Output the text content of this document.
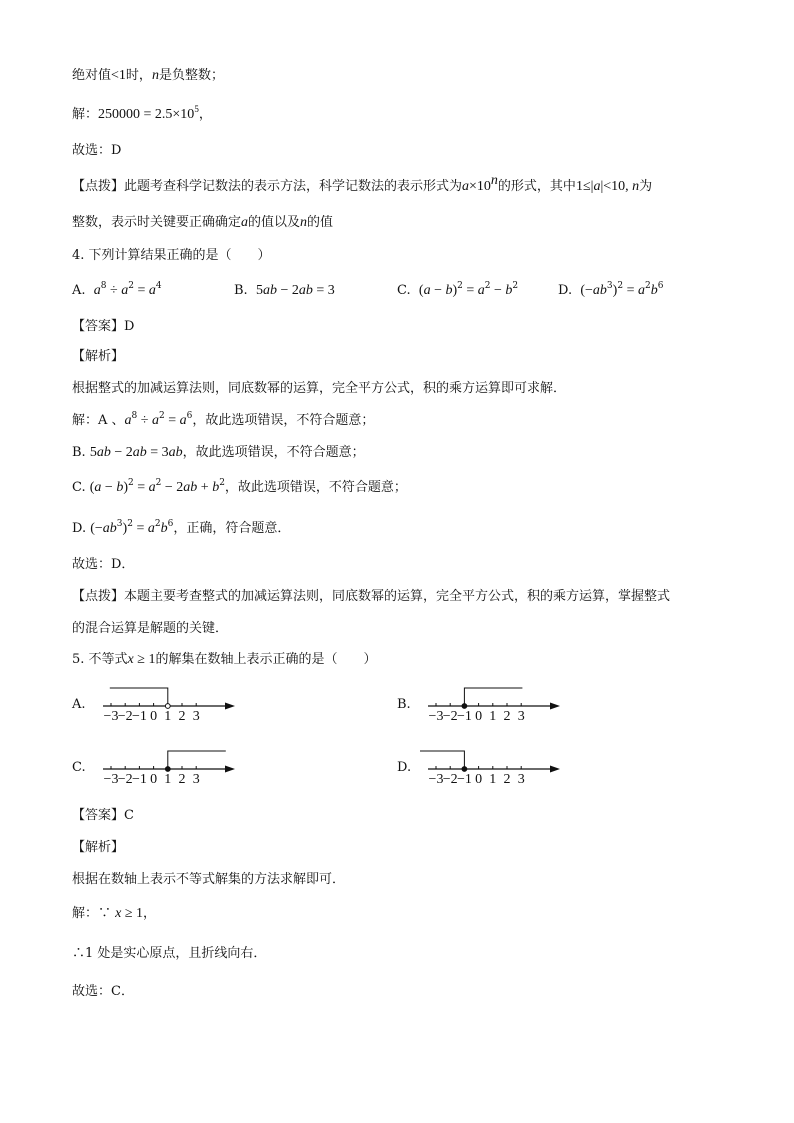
绝对值<1时，n是负整数；
解：$250000 = 2.5\times 10^5$，
故选：D
【点拨】此题考查科学记数法的表示方法，科学记数法的表示形式为$a\times 10^n$的形式，其中1≤|a|<10, n为
整数，表示时关键要正确确定a的值以及n的值
4. 下列计算结果正确的是（　　）
A.  $a^8 \div a^2 = a^4$	B.  5ab − 2ab = 3	C.  $(a - b)^2 = a^2 - b^2$	D.  $(-ab^3)^2 = a^2b^6$
【答案】D
【解析】
根据整式的加减运算法则，同底数幂的运算，完全平方公式，积的乘方运算即可求解．
解：A 、$a^8 \div a^2 = a^6$，故此选项错误，不符合题意；
B. 5ab − 2ab = 3ab，故此选项错误，不符合题意；
C. $(a - b)^2 = a^2 - 2ab + b^2$，故此选项错误，不符合题意；
D. $(-ab^3)^2 = a^2b^6$，正确，符合题意．
故选：D．
【点拨】本题主要考查整式的加减运算法则，同底数幂的运算，完全平方公式，积的乘方运算，掌握整式
的混合运算是解题的关键．
5. 不等式x ≥ 1的解集在数轴上表示正确的是（　　）
A.	B.
C.	D.
−3 −2 −1 0 1 2 3	−3 −2 −1 0 1 2 3
−3 −2 −1 0 1 2 3	−3 −2 −1 0 1 2 3
【答案】C
【解析】
根据在数轴上表示不等式解集的方法求解即可．
解：∵ x ≥ 1，
∴1 处是实心原点，且折线向右．
故选：C．
